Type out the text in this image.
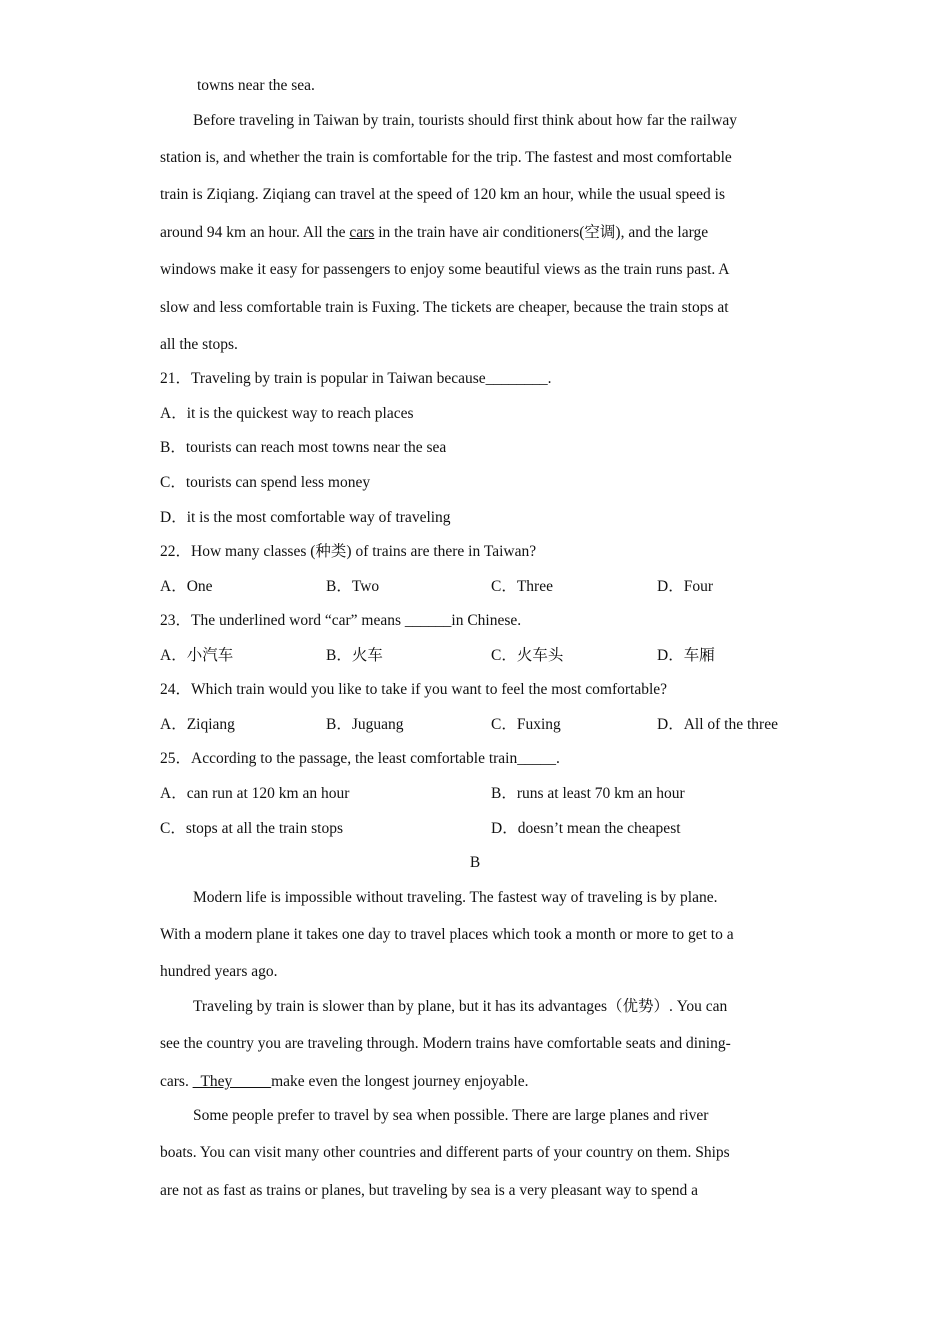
towns near the sea.
Before traveling in Taiwan by train, tourists should first think about how far the railway
station is, and whether the train is comfortable for the trip. The fastest and most comfortable
train is Ziqiang. Ziqiang can travel at the speed of 120 km an hour, while the usual speed is
around 94 km an hour. All the cars in the train have air conditioners(空调), and the large
windows make it easy for passengers to enjoy some beautiful views as the train runs past. A
slow and less comfortable train is Fuxing. The tickets are cheaper, because the train stops at
all the stops.
21．Traveling by train is popular in Taiwan because________.
A．it is the quickest way to reach places
B．tourists can reach most towns near the sea
C．tourists can spend less money
D．it is the most comfortable way of traveling
22．How many classes (种类) of trains are there in Taiwan?
A．One	B．Two	C．Three	D．Four
23．The underlined word “car” means ______in Chinese.
A．小汽车	B．火车	C．火车头	D．车厢
24．Which train would you like to take if you want to feel the most comfortable?
A．Ziqiang	B．Juguang	C．Fuxing	D．All of the three
25．According to the passage, the least comfortable train_____.
A．can run at 120 km an hour	B．runs at least 70 km an hour
C．stops at all the train stops	D．doesn’t mean the cheapest
B
Modern life is impossible without traveling. The fastest way of traveling is by plane.
With a modern plane it takes one day to travel places which took a month or more to get to a
hundred years ago.
Traveling by train is slower than by plane, but it has its advantages（优势）. You can
see the country you are traveling through. Modern trains have comfortable seats and dining-
cars. _They_____make even the longest journey enjoyable.
Some people prefer to travel by sea when possible. There are large planes and river
boats. You can visit many other countries and different parts of your country on them. Ships
are not as fast as trains or planes, but traveling by sea is a very pleasant way to spend a
